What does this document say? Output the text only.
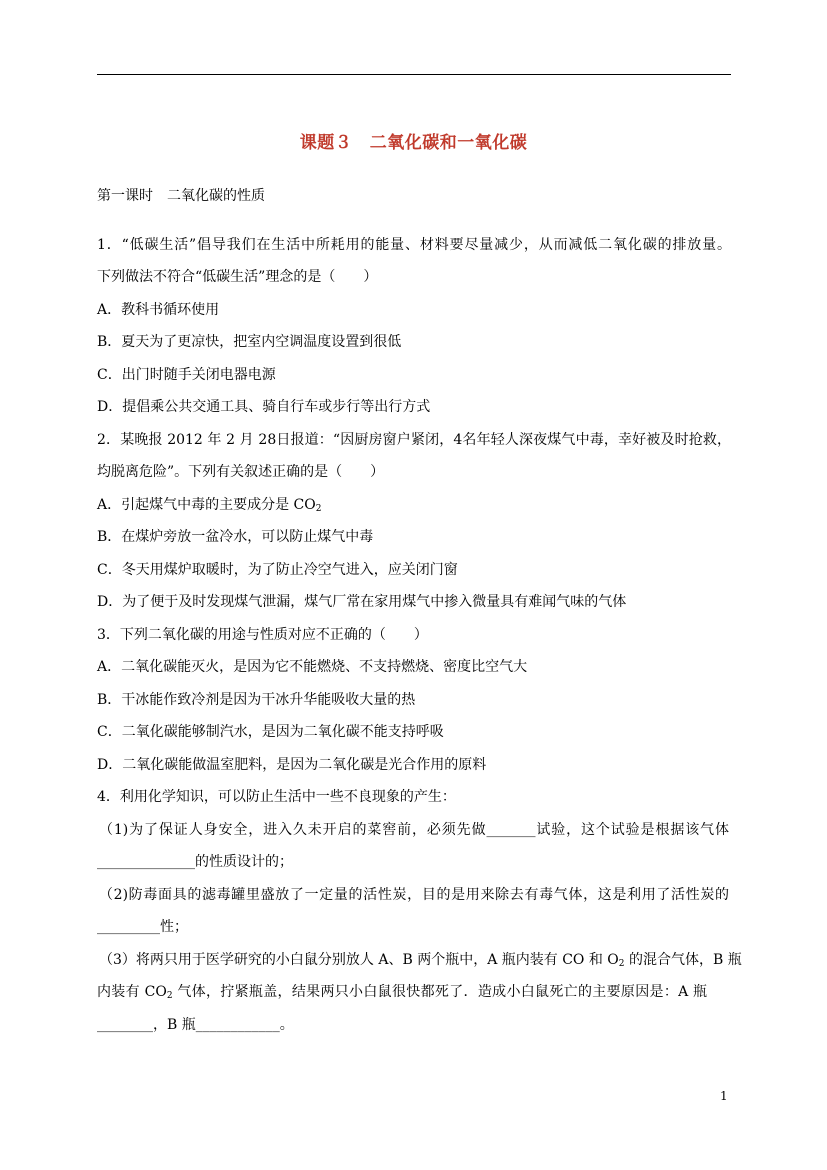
课题３　二氧化碳和一氧化碳
第一课时　二氧化碳的性质
1．“低碳生活”倡导我们在生活中所耗用的能量、材料要尽量减少，从而减低二氧化碳的排放量。
下列做法不符合“低碳生活”理念的是（　　）
A．教科书循环使用
B．夏天为了更凉快，把室内空调温度设置到很低
C．出门时随手关闭电器电源
D．提倡乘公共交通工具、骑自行车或步行等出行方式
2．某晚报 2012 年 2 月 28日报道：“因厨房窗户紧闭，4名年轻人深夜煤气中毒，幸好被及时抢救，
均脱离危险”。下列有关叙述正确的是（　　）
A．引起煤气中毒的主要成分是 $CO_2$
B．在煤炉旁放一盆冷水，可以防止煤气中毒
C．冬天用煤炉取暖时，为了防止冷空气进入，应关闭门窗
D．为了便于及时发现煤气泄漏，煤气厂常在家用煤气中掺入微量具有难闻气味的气体
3．下列二氧化碳的用途与性质对应不正确的（　　）
A．二氧化碳能灭火，是因为它不能燃烧、不支持燃烧、密度比空气大
B．干冰能作致冷剂是因为干冰升华能吸收大量的热
C．二氧化碳能够制汽水，是因为二氧化碳不能支持呼吸
D．二氧化碳能做温室肥料，是因为二氧化碳是光合作用的原料
4．利用化学知识，可以防止生活中一些不良现象的产生：
（1)为了保证人身安全，进入久未开启的菜窖前，必须先做_______试验，这个试验是根据该气体
______________的性质设计的；
（2)防毒面具的滤毒罐里盛放了一定量的活性炭，目的是用来除去有毒气体，这是利用了活性炭的
_________性；
（3）将两只用于医学研究的小白鼠分别放人 A、B 两个瓶中，A 瓶内装有 CO 和 $O_2$ 的混合气体，B 瓶
内装有 $CO_2$ 气体，拧紧瓶盖，结果两只小白鼠很快都死了．造成小白鼠死亡的主要原因是：A 瓶
________，B 瓶____________。
1
